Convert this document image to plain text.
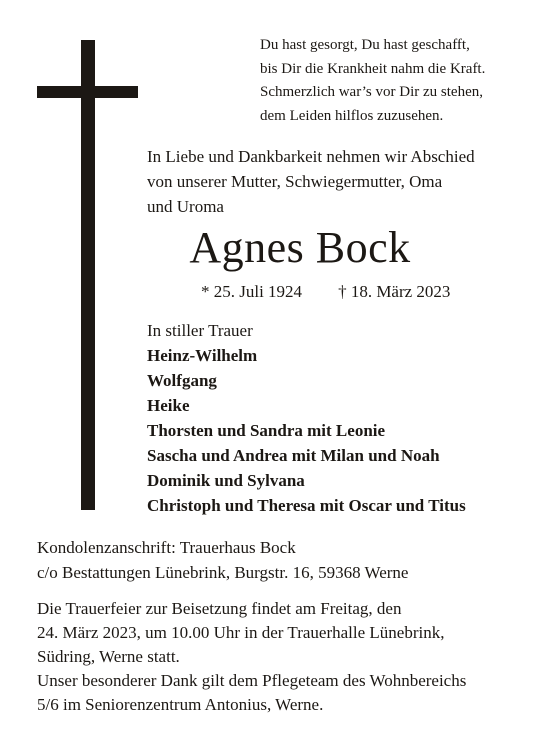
Du hast gesorgt, Du hast geschafft,
bis Dir die Krankheit nahm die Kraft.
Schmerzlich war’s vor Dir zu stehen,
dem Leiden hilflos zuzusehen.
In Liebe und Dankbarkeit nehmen wir Abschied
von unserer Mutter, Schwiegermutter, Oma
und Uroma
Agnes Bock
* 25. Juli 1924 † 18. März 2023
In stiller Trauer
Heinz-Wilhelm
Wolfgang
Heike
Thorsten und Sandra mit Leonie
Sascha und Andrea mit Milan und Noah
Dominik und Sylvana
Christoph und Theresa mit Oscar und Titus
Kondolenzanschrift: Trauerhaus Bock
c/o Bestattungen Lünebrink, Burgstr. 16, 59368 Werne
Die Trauerfeier zur Beisetzung findet am Freitag, den
24. März 2023, um 10.00 Uhr in der Trauerhalle Lünebrink,
Südring, Werne statt.
Unser besonderer Dank gilt dem Pflegeteam des Wohnbereichs
5/6 im Seniorenzentrum Antonius, Werne.
